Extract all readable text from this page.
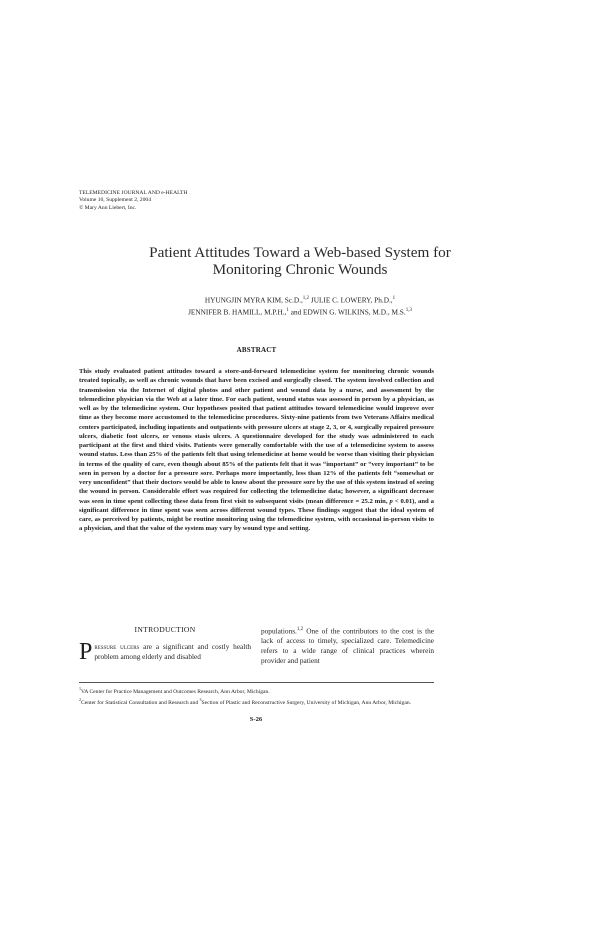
TELEMEDICINE JOURNAL AND e-HEALTH
Volume 10, Supplement 2, 2004
© Mary Ann Liebert, Inc.
Patient Attitudes Toward a Web-based System for
Monitoring Chronic Wounds
HYUNGJIN MYRA KIM, Sc.D.,$^{1,2}$ JULIE C. LOWERY, Ph.D.,$^1$
JENNIFER B. HAMILL, M.P.H.,$^1$ and EDWIN G. WILKINS, M.D., M.S.$^{1,3}$
ABSTRACT

This study evaluated patient attitudes toward a store-and-forward telemedicine system for monitoring chronic wounds treated topically, as well as chronic wounds that have been excised and surgically closed. The system involved collection and transmission via the Internet of digital photos and other patient and wound data by a nurse, and assessment by the telemedicine physician via the Web at a later time. For each patient, wound status was assessed in person by a physician, as well as by the telemedicine system. Our hypotheses posited that patient attitudes toward telemedicine would improve over time as they become more accustomed to the telemedicine procedures. Sixty-nine patients from two Veterans Affairs medical centers participated, including inpatients and outpatients with pressure ulcers at stage 2, 3, or 4, surgically repaired pressure ulcers, diabetic foot ulcers, or venous stasis ulcers. A questionnaire developed for the study was administered to each participant at the first and third visits. Patients were generally comfortable with the use of a telemedicine system to assess wound status. Less than 25% of the patients felt that using telemedicine at home would be worse than visiting their physician in terms of the quality of care, even though about 85% of the patients felt that it was “important” or “very important” to be seen in person by a doctor for a pressure sore. Perhaps more importantly, less than 12% of the patients felt “somewhat or very unconfident” that their doctors would be able to know about the pressure sore by the use of this system instead of seeing the wound in person. Considerable effort was required for collecting the telemedicine data; however, a significant decrease was seen in time spent collecting these data from first visit to subsequent visits (mean difference = 25.2 min, p < 0.01), and a significant difference in time spent was seen across different wound types. These findings suggest that the ideal system of care, as perceived by patients, might be routine monitoring using the telemedicine system, with occasional in-person visits to a physician, and that the value of the system may vary by wound type and setting.

INTRODUCTION

Pressure ulcers are a significant and costly health problem among elderly and disabled

populations.$^{1,2}$ One of the contributors to the cost is the lack of access to timely, specialized care. Telemedicine refers to a wide range of clinical practices wherein provider and patient

$^1$VA Center for Practice Management and Outcomes Research, Ann Arbor, Michigan.

$^2$Center for Statistical Consultation and Research and $^3$Section of Plastic and Reconstructive Surgery, University of Michigan, Ann Arbor, Michigan.

S-26
